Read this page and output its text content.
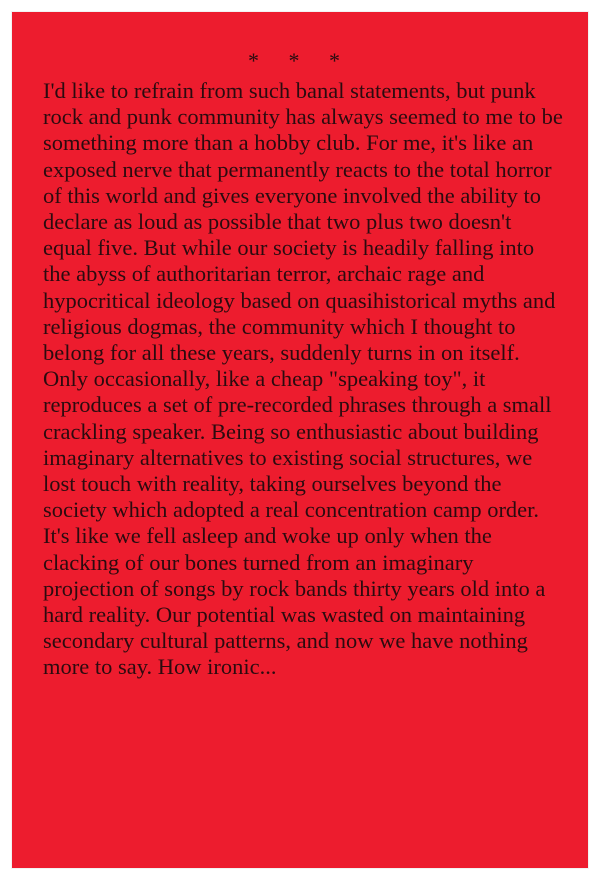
* * *

I'd like to refrain from such banal statements, but punk rock and punk community has always seemed to me to be something more than a hobby club. For me, it's like an exposed nerve that permanently reacts to the total horror of this world and gives everyone involved the ability to declare as loud as possible that two plus two doesn't equal five. But while our society is headily falling into the abyss of authoritarian terror, archaic rage and hypocritical ideology based on quasihistorical myths and religious dogmas, the community which I thought to belong for all these years, suddenly turns in on itself. Only occasionally, like a cheap "speaking toy", it reproduces a set of pre-recorded phrases through a small crackling speaker. Being so enthusiastic about building imaginary alternatives to existing social structures, we lost touch with reality, taking ourselves beyond the society which adopted a real concentration camp order. It's like we fell asleep and woke up only when the clacking of our bones turned from an imaginary projection of songs by rock bands thirty years old into a hard reality. Our potential was wasted on maintaining secondary cultural patterns, and now we have nothing more to say. How ironic...
